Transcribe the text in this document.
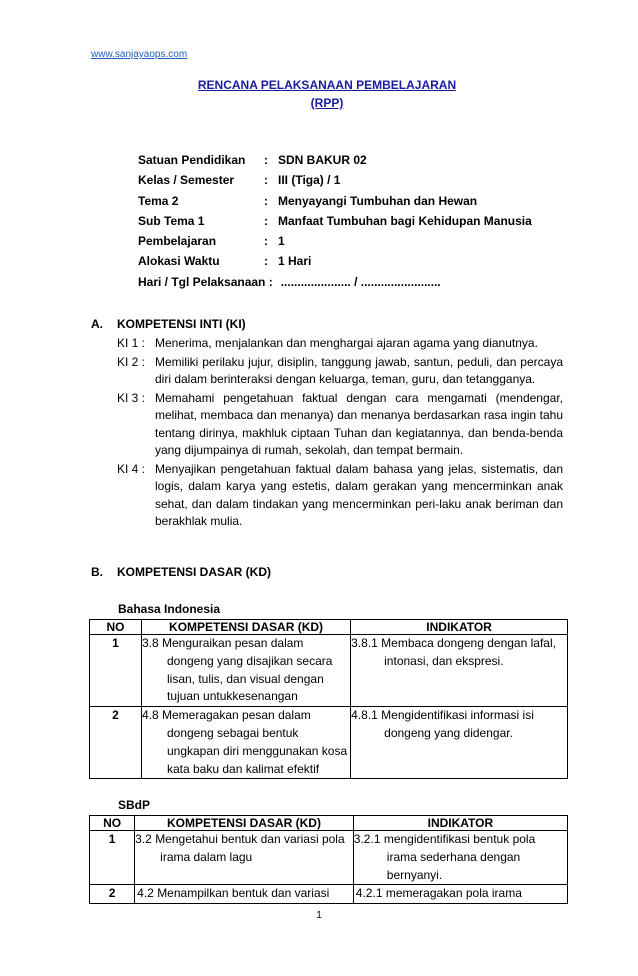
www.sanjayaops.com
RENCANA PELAKSANAAN PEMBELAJARAN
(RPP)
Satuan Pendidikan	: SDN BAKUR 02
Kelas / Semester	: III (Tiga) / 1
Tema 2	: Menyayangi Tumbuhan dan Hewan
Sub Tema 1	: Manfaat Tumbuhan bagi Kehidupan Manusia
Pembelajaran	: 1
Alokasi Waktu	: 1 Hari
Hari / Tgl Pelaksanaan : ..................... / ........................
A. KOMPETENSI INTI (KI)
KI 1 : Menerima, menjalankan dan menghargai ajaran agama yang dianutnya.
KI 2 : Memiliki perilaku jujur, disiplin, tanggung jawab, santun, peduli, dan percaya diri dalam berinteraksi dengan keluarga, teman, guru, dan tetangganya.
KI 3 : Memahami pengetahuan faktual dengan cara mengamati (mendengar, melihat, membaca dan menanya) dan menanya berdasarkan rasa ingin tahu tentang dirinya, makhluk ciptaan Tuhan dan kegiatannya, dan benda-benda yang dijumpainya di rumah, sekolah, dan tempat bermain.
KI 4 : Menyajikan pengetahuan faktual dalam bahasa yang jelas, sistematis, dan logis, dalam karya yang estetis, dalam gerakan yang mencerminkan anak sehat, dan dalam tindakan yang mencerminkan peri-laku anak beriman dan berakhlak mulia.
B. KOMPETENSI DASAR (KD)
Bahasa Indonesia
NO	KOMPETENSI DASAR (KD)	INDIKATOR
1	3.8 Menguraikan pesan dalam dongeng yang disajikan secara lisan, tulis, dan visual dengan tujuan untukkesenangan	3.8.1 Membaca dongeng dengan lafal, intonasi, dan ekspresi.
2	4.8 Memeragakan pesan dalam dongeng sebagai bentuk ungkapan diri menggunakan kosa kata baku dan kalimat efektif	4.8.1 Mengidentifikasi informasi isi dongeng yang didengar.
SBdP
NO	KOMPETENSI DASAR (KD)	INDIKATOR
1	3.2 Mengetahui bentuk dan variasi pola irama dalam lagu	3.2.1 mengidentifikasi bentuk pola irama sederhana dengan bernyanyi.
2	4.2 Menampilkan bentuk dan variasi	4.2.1 memeragakan pola irama
1
